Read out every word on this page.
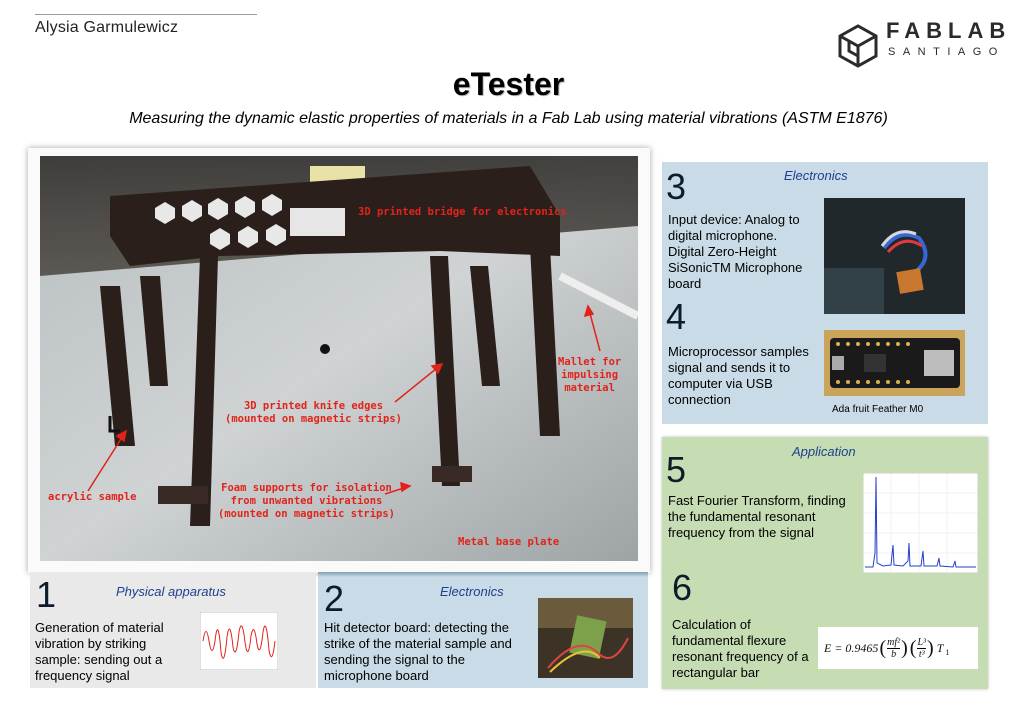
Alysia Garmulewicz	FABLAB
SANTIAGO
eTester
Measuring the dynamic elastic properties of materials in a Fab Lab using material vibrations (ASTM E1876)
3D printed bridge for electronics
Mallet for
impulsing
material
3D printed knife edges
(mounted on magnetic strips)
acrylic sample
Foam supports for isolation
from unwanted vibrations
(mounted on magnetic strips)
Metal base plate
1	Physical apparatus
Generation of material vibration by striking sample: sending out a frequency signal
2	Electronics
Hit detector board: detecting the strike of the material sample and sending the signal to the microphone board
3	Electronics
Input device: Analog to digital microphone. Digital Zero-Height SiSonicTM Microphone board
4
Microprocessor samples signal and sends it to computer via USB connection
Ada fruit Feather M0
5	Application
Fast Fourier Transform, finding the fundamental resonant frequency from the signal
6
Calculation of fundamental flexure resonant frequency of a rectangular bar
E = 0.9465 ( mf²
b ) ( L³
t³ ) T 1
